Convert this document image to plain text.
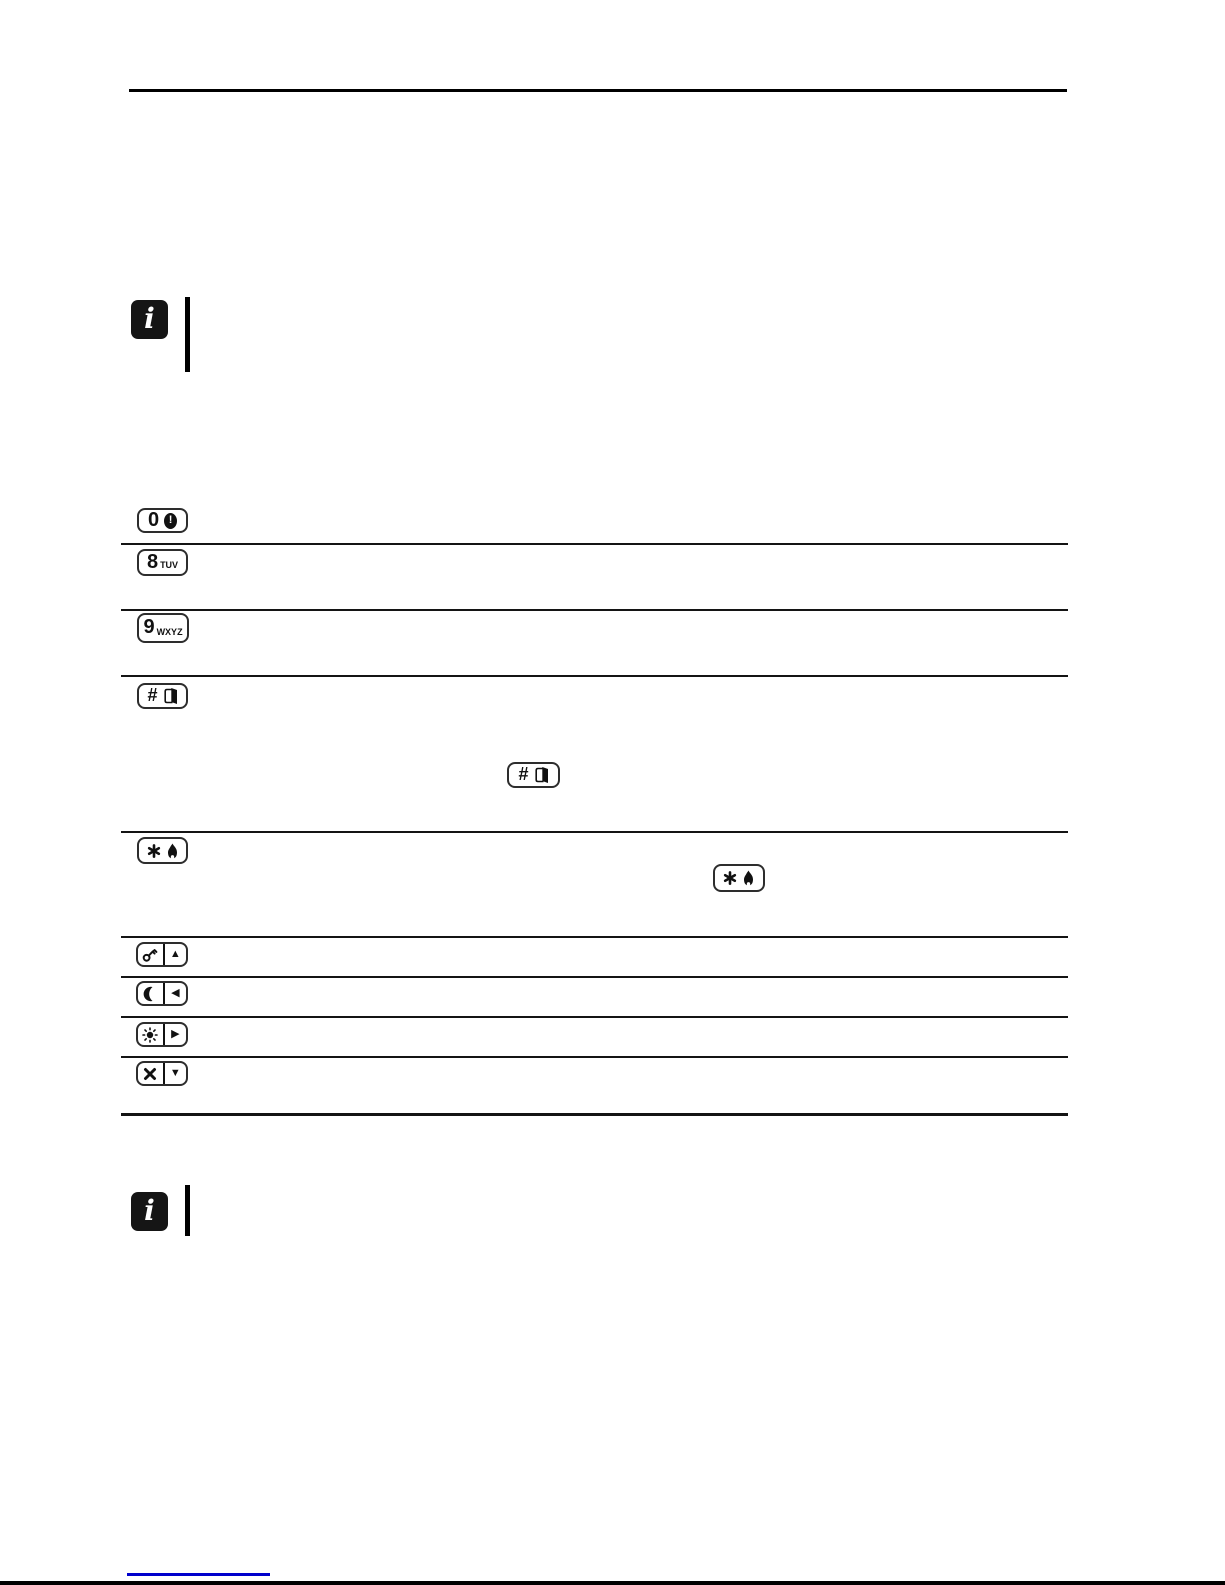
i
0 !
8 TUV
9 WXYZ
#
▲
◀
▶
▼
#
i
